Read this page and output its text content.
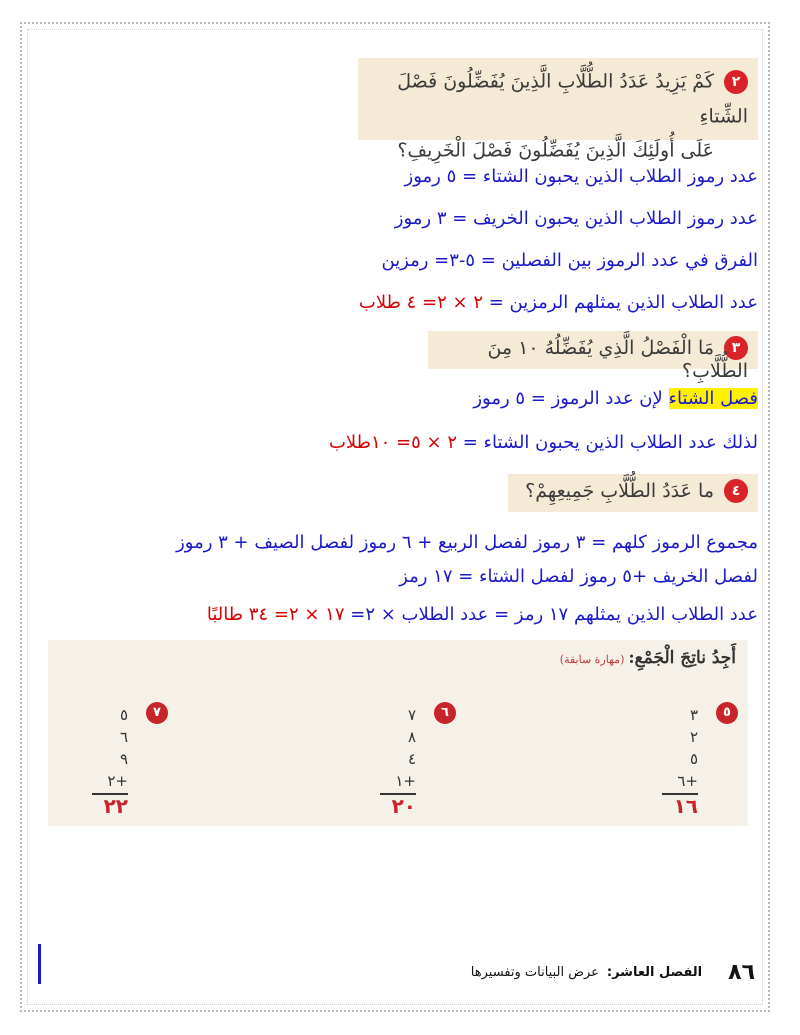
٢كَمْ يَزِيدُ عَدَدُ الطُّلَّابِ الَّذِينَ يُفَضِّلُونَ فَصْلَ الشِّتاءِ
عَلَى أُولَئِكَ الَّذِينَ يُفَضِّلُونَ فَصْلَ الْخَرِيفِ؟
عدد رموز الطلاب الذين يحبون الشتاء = ٥ رموز
عدد رموز الطلاب الذين يحبون الخريف = ٣ رموز
الفرق في عدد الرموز بين الفصلين = ٥-٣= رمزين
عدد الطلاب الذين يمثلهم الرمزين = ٢ × ٢= ٤ طلاب
٣مَا الْفَصْلُ الَّذِي يُفَضِّلُهُ ١٠ مِنَ الطُّلَّابِ؟
فصل الشتاء لإن عدد الرموز = ٥ رموز
لذلك عدد الطلاب الذين يحبون الشتاء = ٢ × ٥= ١٠طلاب
٤ما عَدَدُ الطُّلَّابِ جَمِيعِهِمْ؟
مجموع الرموز كلهم = ٣ رموز لفصل الربيع + ٦ رموز لفصل الصيف + ٣ رموز
لفصل الخريف +٥ رموز لفصل الشتاء = ١٧ رمز
عدد الطلاب الذين يمثلهم ١٧ رمز = عدد الطلاب × ٢= ١٧ × ٢= ٣٤ طالبًا
أَجِدُ ناتِجَ الْجَمْعِ:(مهارة سابقة)
٥
٣
٢
٥
٦+
١٦
٦
٧
٨
٤
١+
٢٠
٧
٥
٦
٩
٢+
٢٢
٨٦الفصل العاشر:عرض البيانات وتفسيرها
